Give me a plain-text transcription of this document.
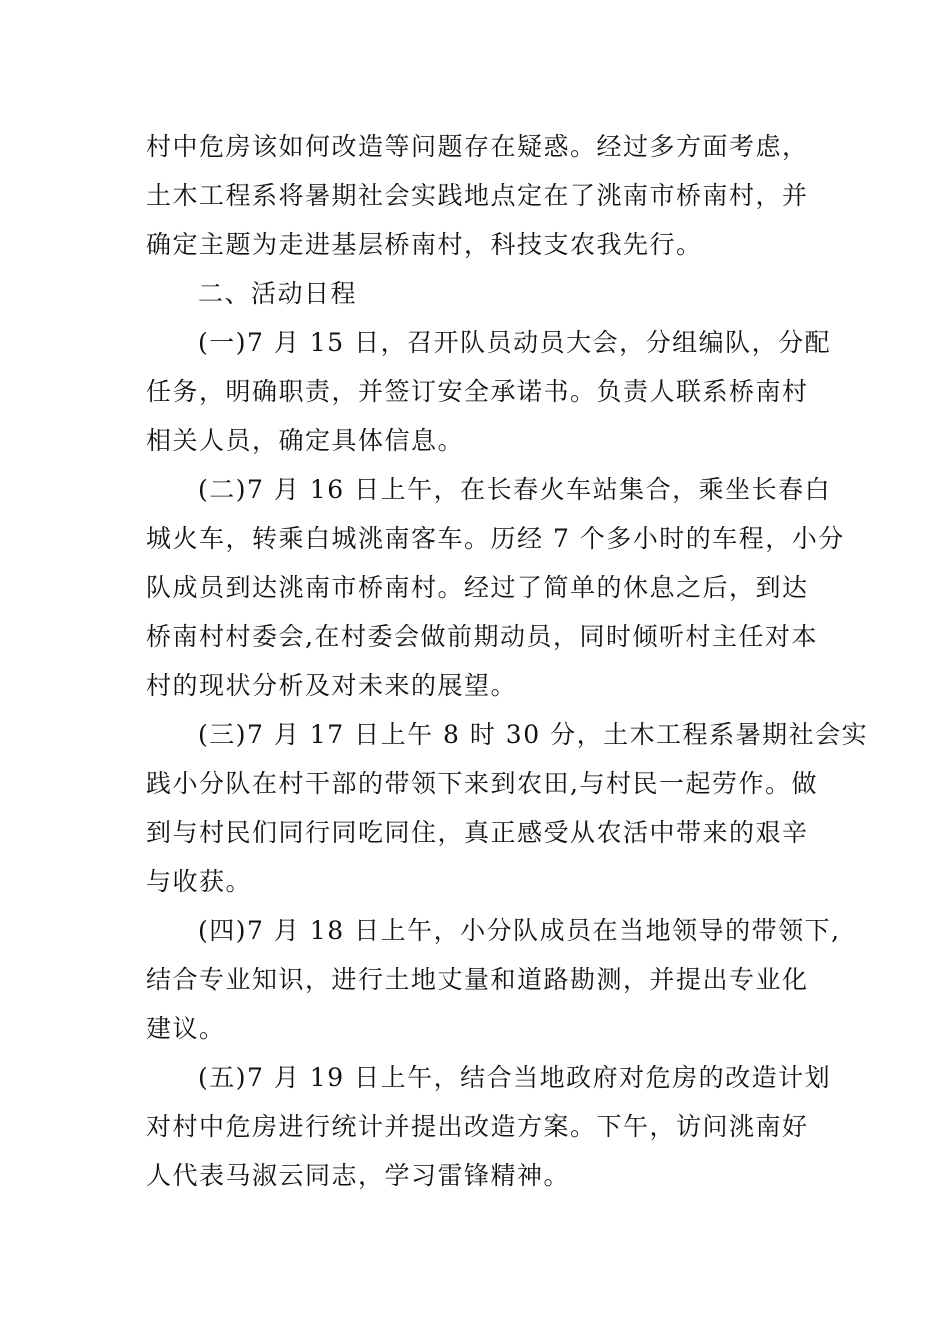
村中危房该如何改造等问题存在疑惑。经过多方面考虑，
土木工程系将暑期社会实践地点定在了洮南市桥南村，并
确定主题为走进基层桥南村，科技支农我先行。
二、活动日程
(一)7 月 15 日，召开队员动员大会，分组编队，分配
任务，明确职责，并签订安全承诺书。负责人联系桥南村
相关人员，确定具体信息。
(二)7 月 16 日上午，在长春火车站集合，乘坐长春白
城火车，转乘白城洮南客车。历经 7 个多小时的车程，小分
队成员到达洮南市桥南村。经过了简单的休息之后，到达
桥南村村委会,在村委会做前期动员，同时倾听村主任对本
村的现状分析及对未来的展望。
(三)7 月 17 日上午 8 时 30 分，土木工程系暑期社会实
践小分队在村干部的带领下来到农田,与村民一起劳作。做
到与村民们同行同吃同住，真正感受从农活中带来的艰辛
与收获。
(四)7 月 18 日上午，小分队成员在当地领导的带领下,
结合专业知识，进行土地丈量和道路勘测，并提出专业化
建议。
(五)7 月 19 日上午，结合当地政府对危房的改造计划
对村中危房进行统计并提出改造方案。下午，访问洮南好
人代表马淑云同志，学习雷锋精神。
